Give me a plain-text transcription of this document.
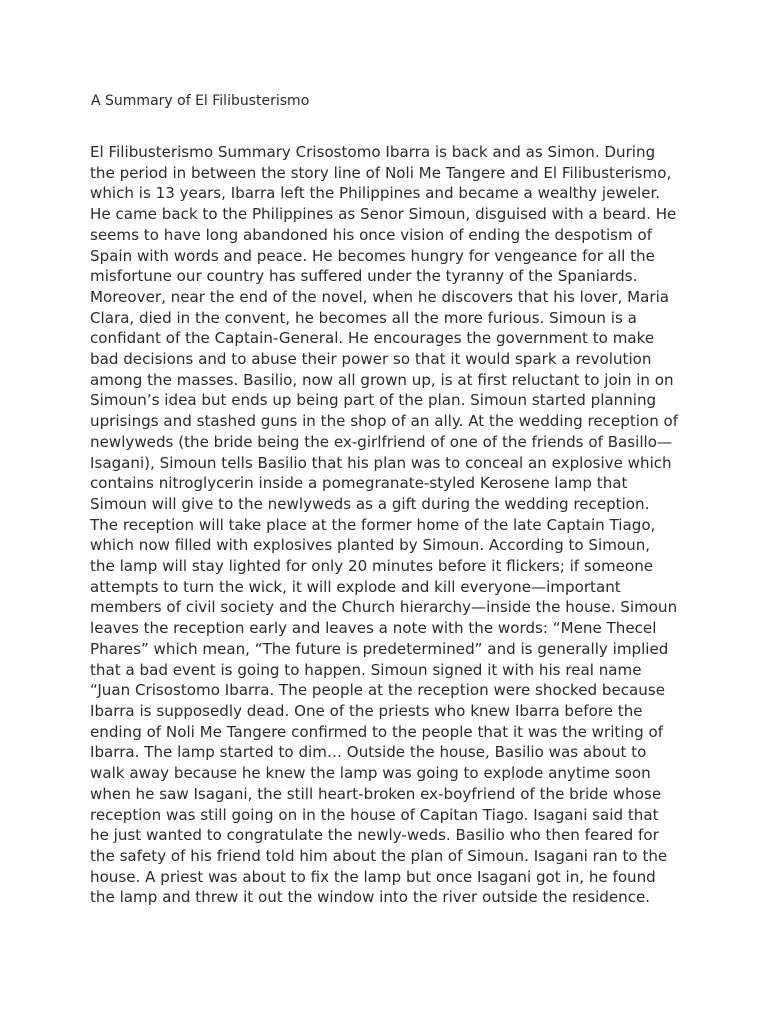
A Summary of El Filibusterismo
El Filibusterismo Summary Crisostomo Ibarra is back and as Simon. During
the period in between the story line of Noli Me Tangere and El Filibusterismo,
which is 13 years, Ibarra left the Philippines and became a wealthy jeweler.
He came back to the Philippines as Senor Simoun, disguised with a beard. He
seems to have long abandoned his once vision of ending the despotism of
Spain with words and peace. He becomes hungry for vengeance for all the
misfortune our country has suffered under the tyranny of the Spaniards.
Moreover, near the end of the novel, when he discovers that his lover, Maria
Clara, died in the convent, he becomes all the more furious. Simoun is a
confidant of the Captain-General. He encourages the government to make
bad decisions and to abuse their power so that it would spark a revolution
among the masses. Basilio, now all grown up, is at first reluctant to join in on
Simoun’s idea but ends up being part of the plan. Simoun started planning
uprisings and stashed guns in the shop of an ally. At the wedding reception of
newlyweds (the bride being the ex-girlfriend of one of the friends of Basillo—
Isagani), Simoun tells Basilio that his plan was to conceal an explosive which
contains nitroglycerin inside a pomegranate-styled Kerosene lamp that
Simoun will give to the newlyweds as a gift during the wedding reception.
The reception will take place at the former home of the late Captain Tiago,
which now filled with explosives planted by Simoun. According to Simoun,
the lamp will stay lighted for only 20 minutes before it flickers; if someone
attempts to turn the wick, it will explode and kill everyone—important
members of civil society and the Church hierarchy—inside the house. Simoun
leaves the reception early and leaves a note with the words: “Mene Thecel
Phares” which mean, “The future is predetermined” and is generally implied
that a bad event is going to happen. Simoun signed it with his real name
“Juan Crisostomo Ibarra. The people at the reception were shocked because
Ibarra is supposedly dead. One of the priests who knew Ibarra before the
ending of Noli Me Tangere confirmed to the people that it was the writing of
Ibarra. The lamp started to dim… Outside the house, Basilio was about to
walk away because he knew the lamp was going to explode anytime soon
when he saw Isagani, the still heart-broken ex-boyfriend of the bride whose
reception was still going on in the house of Capitan Tiago. Isagani said that
he just wanted to congratulate the newly-weds. Basilio who then feared for
the safety of his friend told him about the plan of Simoun. Isagani ran to the
house. A priest was about to fix the lamp but once Isagani got in, he found
the lamp and threw it out the window into the river outside the residence.
